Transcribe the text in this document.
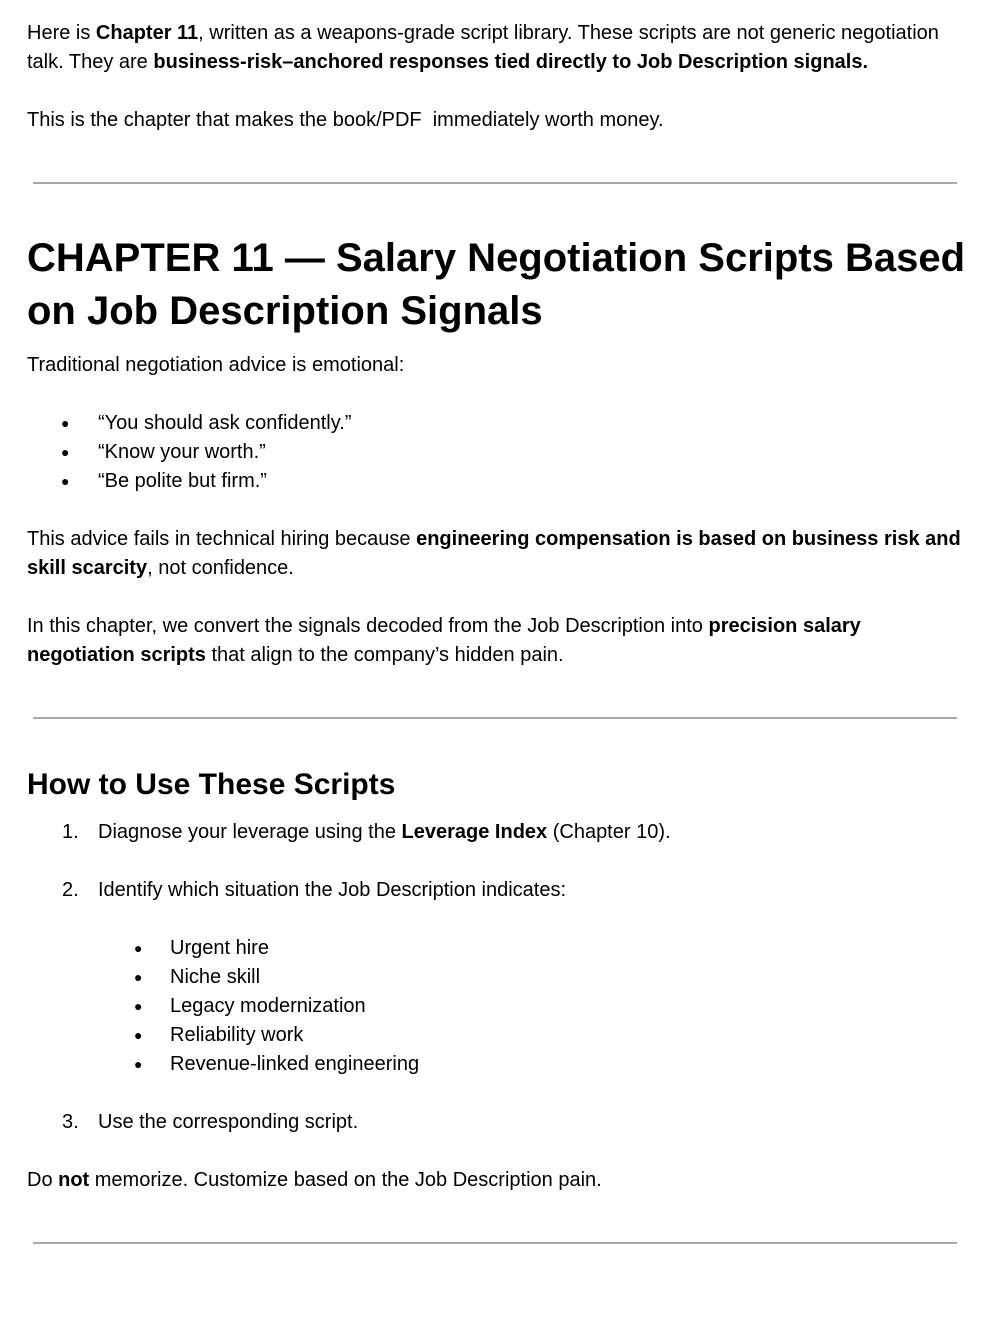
Here is Chapter 11, written as a weapons-grade script library. These scripts are not generic negotiation talk. They are business-risk–anchored responses tied directly to Job Description signals.

This is the chapter that makes the book/PDF  immediately worth money.

CHAPTER 11 — Salary Negotiation Scripts Based on Job Description Signals

Traditional negotiation advice is emotional:

● “You should ask confidently.”
● “Know your worth.”
● “Be polite but firm.”

This advice fails in technical hiring because engineering compensation is based on business risk and skill scarcity, not confidence.

In this chapter, we convert the signals decoded from the Job Description into precision salary negotiation scripts that align to the company’s hidden pain.

How to Use These Scripts
1. Diagnose your leverage using the Leverage Index (Chapter 10).
2. Identify which situation the Job Description indicates:
● Urgent hire
● Niche skill
● Legacy modernization
● Reliability work
● Revenue-linked engineering
3. Use the corresponding script.

Do not memorize. Customize based on the Job Description pain.
